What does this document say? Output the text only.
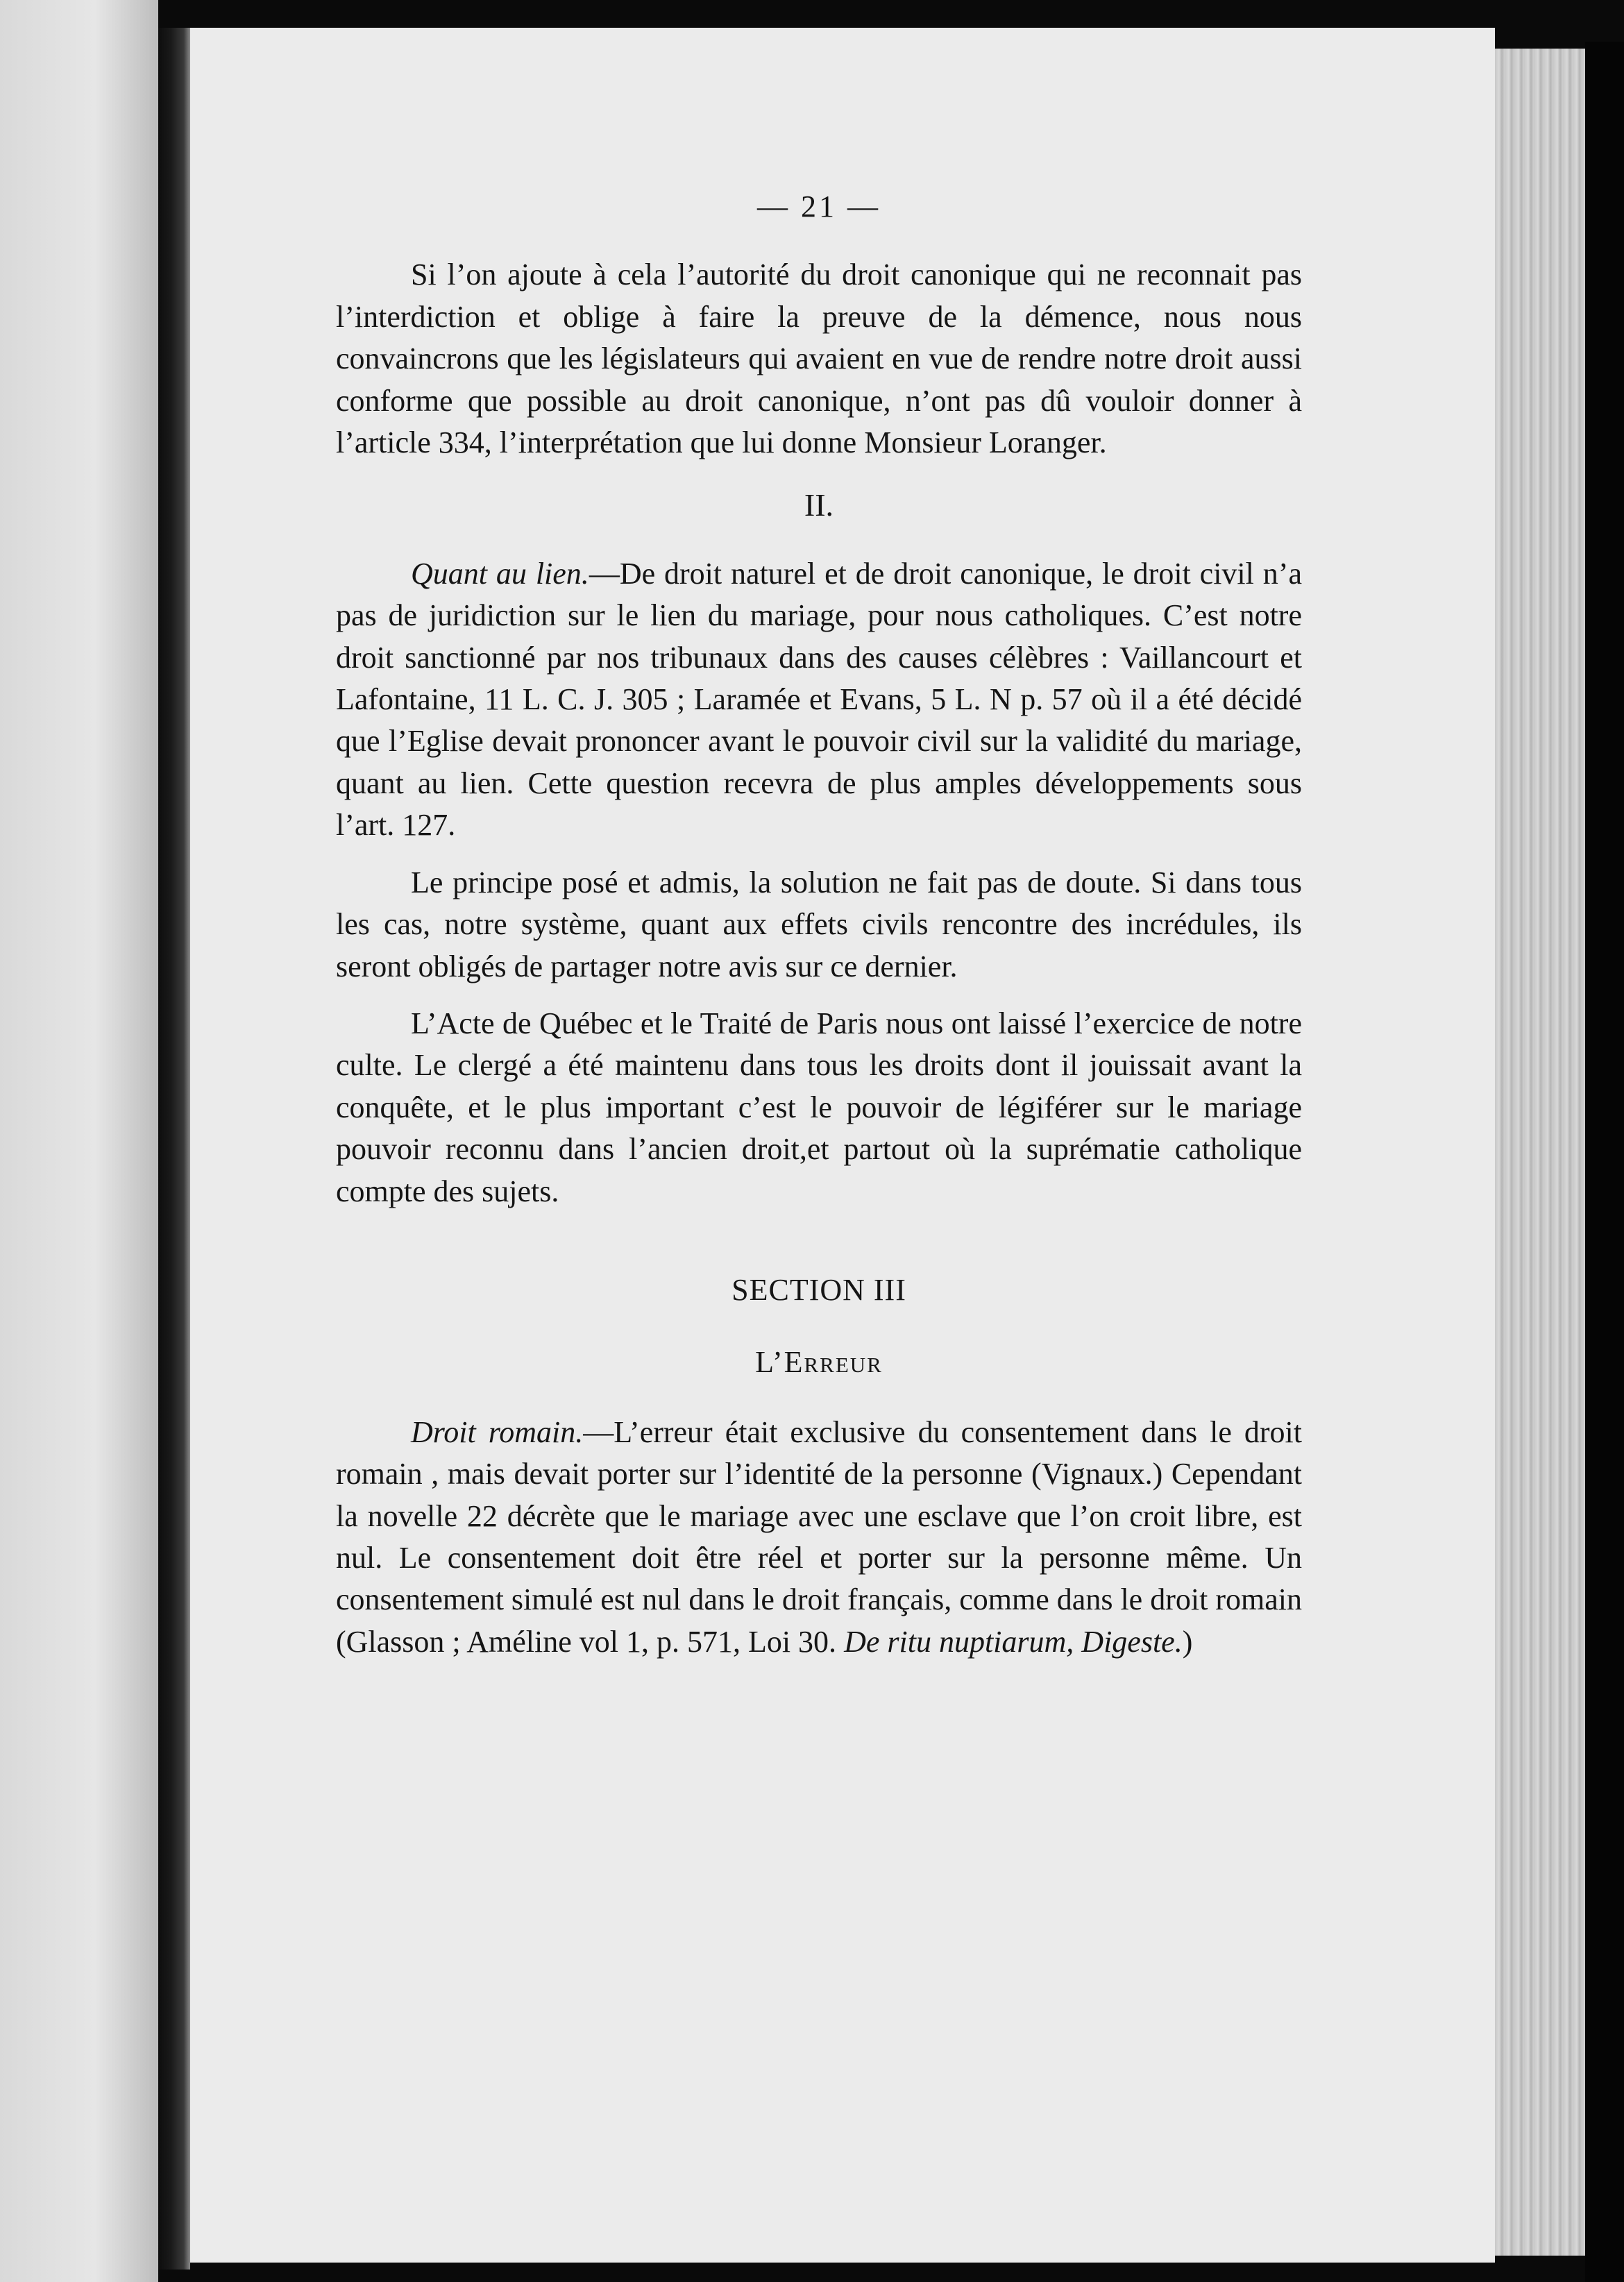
— 21 —

Si l’on ajoute à cela l’autorité du droit canonique qui ne reconnait pas l’interdiction et oblige à faire la preuve de la démence, nous nous convaincrons que les législateurs qui avaient en vue de rendre notre droit aussi conforme que possible au droit canonique, n’ont pas dû vouloir donner à l’article 334, l’interprétation que lui donne Monsieur Loranger.

II.

Quant au lien.—De droit naturel et de droit canonique, le droit civil n’a pas de juridiction sur le lien du mariage, pour nous catholiques. C’est notre droit sanctionné par nos tribunaux dans des causes célèbres : Vaillancourt et Lafontaine, 11 L. C. J. 305 ; Laramée et Evans, 5 L. N p. 57 où il a été décidé que l’Eglise devait prononcer avant le pouvoir civil sur la validité du mariage, quant au lien. Cette question recevra de plus amples développements sous l’art. 127.

Le principe posé et admis, la solution ne fait pas de doute. Si dans tous les cas, notre système, quant aux effets civils rencontre des incrédules, ils seront obligés de partager notre avis sur ce dernier.

L’Acte de Québec et le Traité de Paris nous ont laissé l’exercice de notre culte. Le clergé a été maintenu dans tous les droits dont il jouissait avant la conquête, et le plus important c’est le pouvoir de légiférer sur le mariage pouvoir reconnu dans l’ancien droit,et partout où la suprématie catholique compte des sujets.

SECTION III
L’Erreur

Droit romain.—L’erreur était exclusive du consentement dans le droit romain , mais devait porter sur l’identité de la personne (Vignaux.) Cependant la novelle 22 décrète que le mariage avec une esclave que l’on croit libre, est nul. Le consentement doit être réel et porter sur la personne même. Un consentement simulé est nul dans le droit français, comme dans le droit romain (Glasson ; Améline vol 1, p. 571, Loi 30. De ritu nuptiarum, Digeste.)
